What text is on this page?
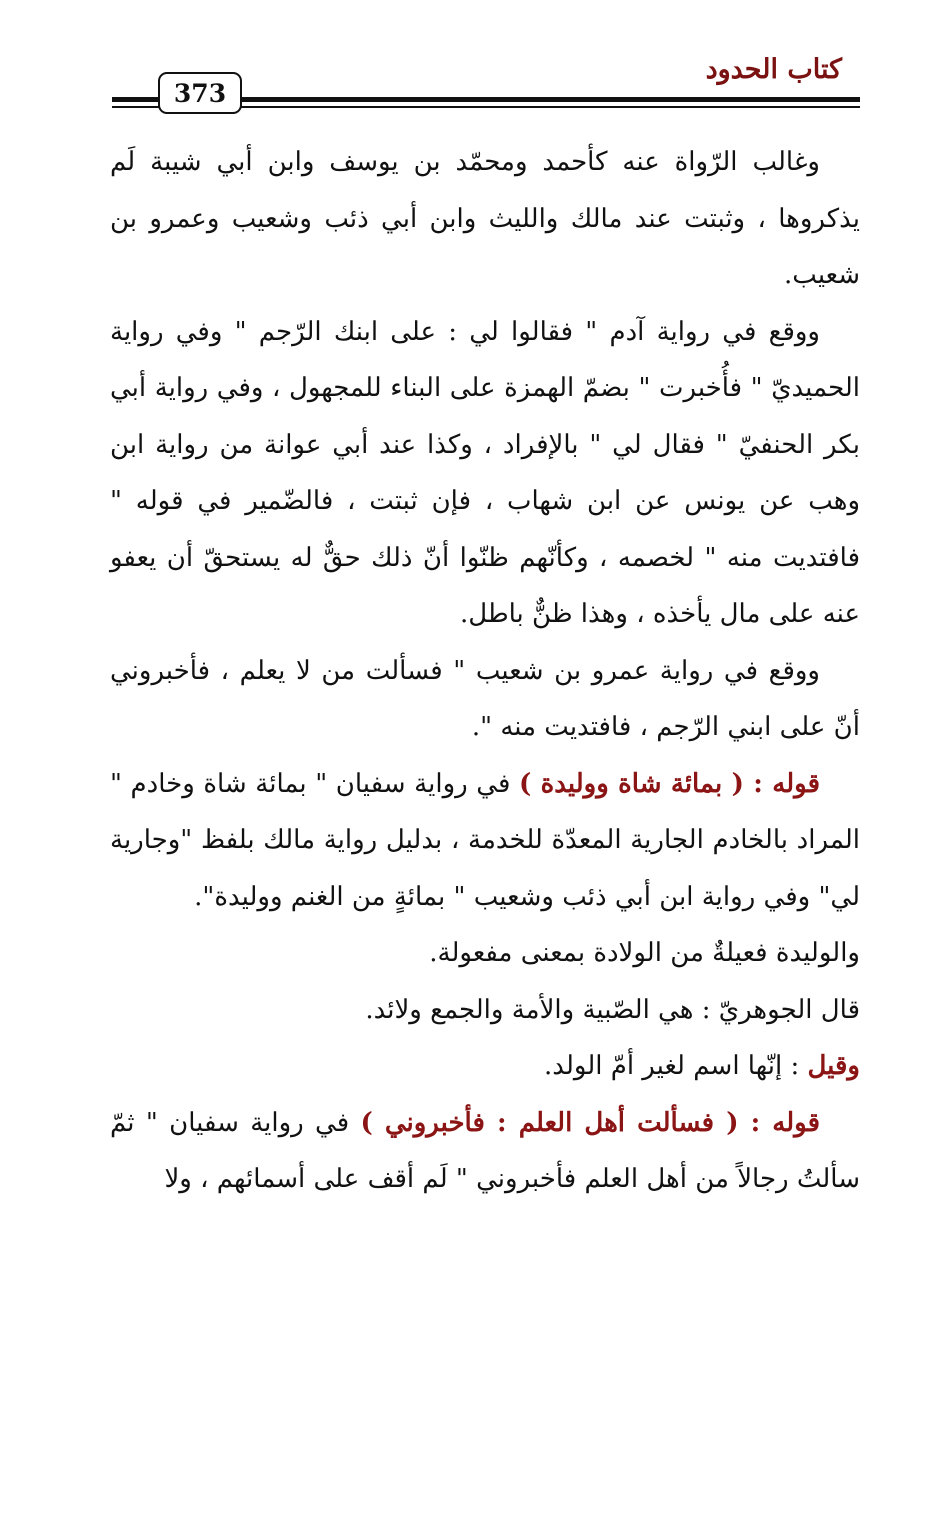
كتاب الحدود
373

وغالب الرّواة عنه كأحمد ومحمّد بن يوسف وابن أبي شيبة لَم يذكروها ، وثبتت عند مالك والليث وابن أبي ذئب وشعيب وعمرو بن شعيب.

ووقع في رواية آدم " فقالوا لي : على ابنك الرّجم " وفي رواية الحميديّ " فأُخبرت " بضمّ الهمزة على البناء للمجهول ، وفي رواية أبي بكر الحنفيّ " فقال لي " بالإفراد ، وكذا عند أبي عوانة من رواية ابن وهب عن يونس عن ابن شهاب ، فإن ثبتت ، فالضّمير في قوله " فافتديت منه " لخصمه ، وكأنّهم ظنّوا أنّ ذلك حقٌّ له يستحقّ أن يعفو عنه على مال يأخذه ، وهذا ظنٌّ باطل.

ووقع في رواية عمرو بن شعيب " فسألت من لا يعلم ، فأخبروني أنّ على ابني الرّجم ، فافتديت منه ".

قوله : ( بمائة شاة ووليدة ) في رواية سفيان " بمائة شاة وخادم " المراد بالخادم الجارية المعدّة للخدمة ، بدليل رواية مالك بلفظ "وجارية لي" وفي رواية ابن أبي ذئب وشعيب " بمائةٍ من الغنم ووليدة".

والوليدة فعيلةٌ من الولادة بمعنى مفعولة.

قال الجوهريّ : هي الصّبية والأمة والجمع ولائد.

وقيل : إنّها اسم لغير أمّ الولد.

قوله : ( فسألت أهل العلم : فأخبروني ) في رواية سفيان " ثمّ سألتُ رجالاً من أهل العلم فأخبروني " لَم أقف على أسمائهم ، ولا
